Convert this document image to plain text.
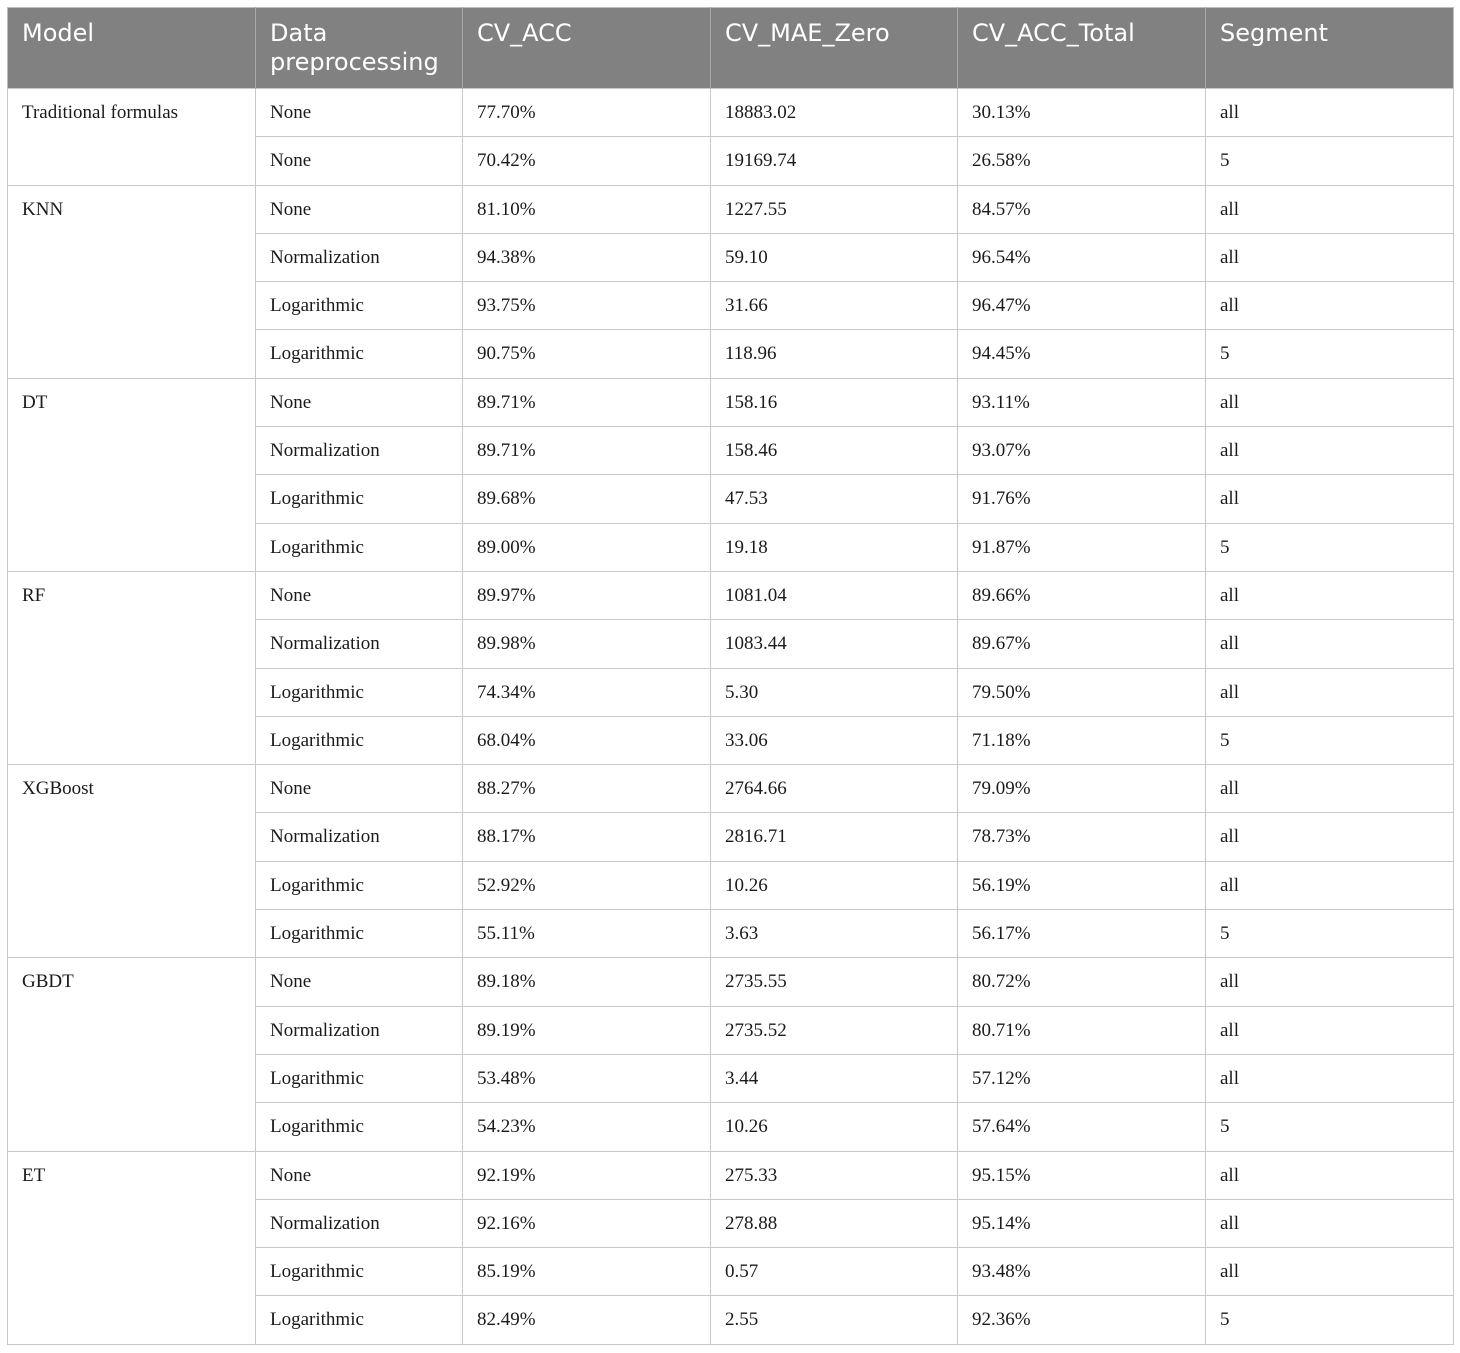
Model	Data preprocessing	CV_ACC	CV_MAE_Zero	CV_ACC_Total	Segment
Traditional formulas	None	77.70%	18883.02	30.13%	all
	None	70.42%	19169.74	26.58%	5
KNN	None	81.10%	1227.55	84.57%	all
	Normalization	94.38%	59.10	96.54%	all
	Logarithmic	93.75%	31.66	96.47%	all
	Logarithmic	90.75%	118.96	94.45%	5
DT	None	89.71%	158.16	93.11%	all
	Normalization	89.71%	158.46	93.07%	all
	Logarithmic	89.68%	47.53	91.76%	all
	Logarithmic	89.00%	19.18	91.87%	5
RF	None	89.97%	1081.04	89.66%	all
	Normalization	89.98%	1083.44	89.67%	all
	Logarithmic	74.34%	5.30	79.50%	all
	Logarithmic	68.04%	33.06	71.18%	5
XGBoost	None	88.27%	2764.66	79.09%	all
	Normalization	88.17%	2816.71	78.73%	all
	Logarithmic	52.92%	10.26	56.19%	all
	Logarithmic	55.11%	3.63	56.17%	5
GBDT	None	89.18%	2735.55	80.72%	all
	Normalization	89.19%	2735.52	80.71%	all
	Logarithmic	53.48%	3.44	57.12%	all
	Logarithmic	54.23%	10.26	57.64%	5
ET	None	92.19%	275.33	95.15%	all
	Normalization	92.16%	278.88	95.14%	all
	Logarithmic	85.19%	0.57	93.48%	all
	Logarithmic	82.49%	2.55	92.36%	5
